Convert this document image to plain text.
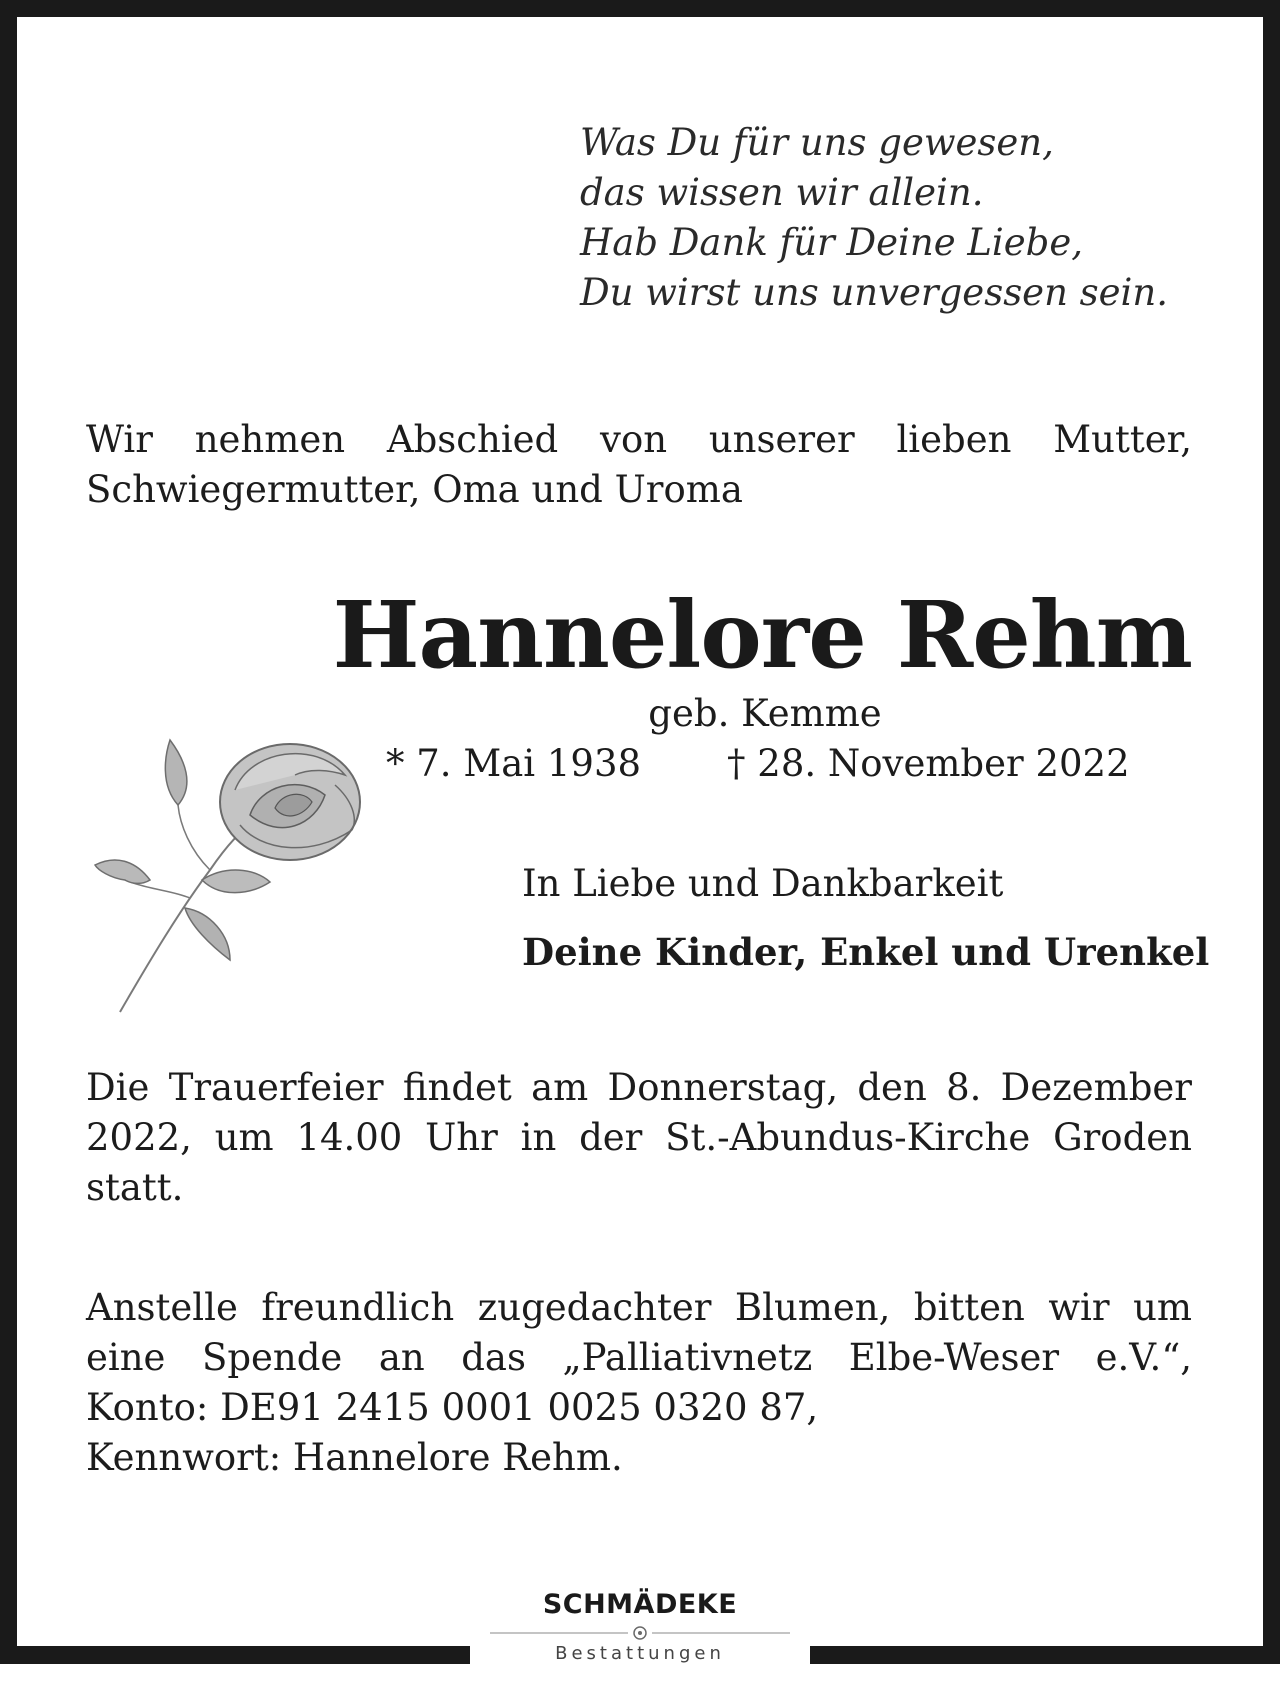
Was Du für uns gewesen,
das wissen wir allein.
Hab Dank für Deine Liebe,
Du wirst uns unvergessen sein.
Wir nehmen Abschied von unserer lieben Mutter,
Schwiegermutter, Oma und Uroma
Hannelore Rehm
geb. Kemme
* 7. Mai 1938 † 28. November 2022
In Liebe und Dankbarkeit
Deine Kinder, Enkel und Urenkel
Die Trauerfeier findet am Donnerstag, den 8. Dezember
2022, um 14.00 Uhr in der St.-Abundus-Kirche Groden
statt.
Anstelle freundlich zugedachter Blumen, bitten wir um
eine Spende an das „Palliativnetz Elbe-Weser e.V.“,
Konto: DE91 2415 0001 0025 0320 87,
Kennwort: Hannelore Rehm.
SCHMÄDEKE
Bestattungen
